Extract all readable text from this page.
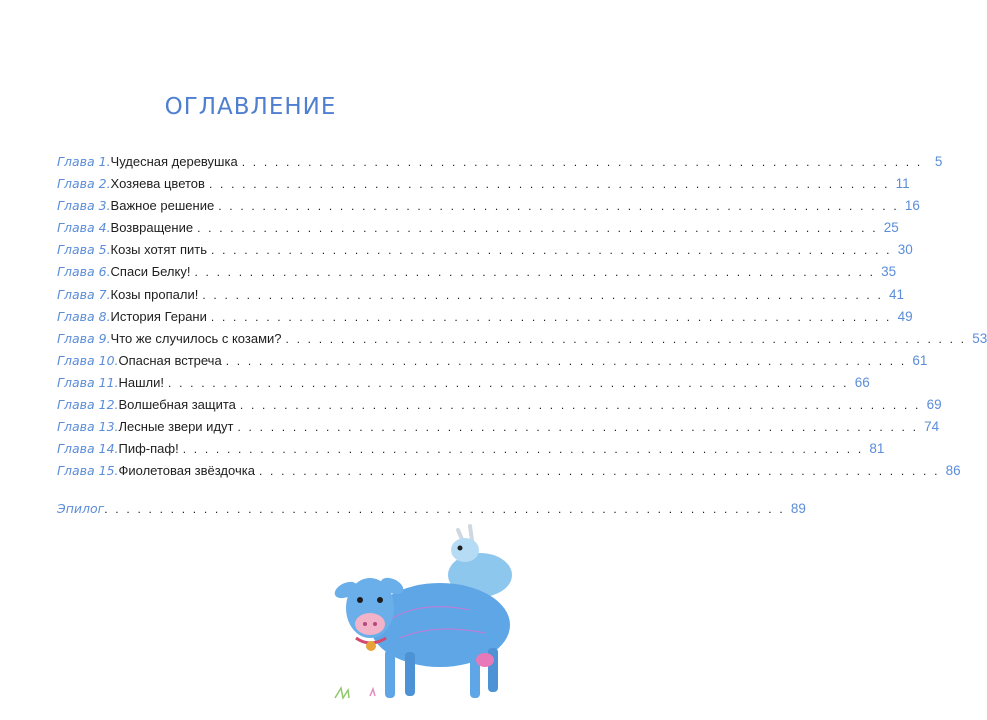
ОГЛАВЛЕНИЕ
Глава 1. Чудесная деревушка . . . . . . . . . . . . . . . . . . . . . . . . . . . . . . . . . . . . . . . . . . . . . . . . . . . . . . . . . . . . . . 5
Глава 2. Хозяева цветов . . . . . . . . . . . . . . . . . . . . . . . . . . . . . . . . . . . . . . . . . . . . . . . . . . . . . . . . . . . . . . 11
Глава 3. Важное решение . . . . . . . . . . . . . . . . . . . . . . . . . . . . . . . . . . . . . . . . . . . . . . . . . . . . . . . . . . . . . . 16
Глава 4. Возвращение . . . . . . . . . . . . . . . . . . . . . . . . . . . . . . . . . . . . . . . . . . . . . . . . . . . . . . . . . . . . . . 25
Глава 5. Козы хотят пить . . . . . . . . . . . . . . . . . . . . . . . . . . . . . . . . . . . . . . . . . . . . . . . . . . . . . . . . . . . . . . 30
Глава 6. Спаси Белку! . . . . . . . . . . . . . . . . . . . . . . . . . . . . . . . . . . . . . . . . . . . . . . . . . . . . . . . . . . . . . . 35
Глава 7. Козы пропали! . . . . . . . . . . . . . . . . . . . . . . . . . . . . . . . . . . . . . . . . . . . . . . . . . . . . . . . . . . . . . . 41
Глава 8. История Герани . . . . . . . . . . . . . . . . . . . . . . . . . . . . . . . . . . . . . . . . . . . . . . . . . . . . . . . . . . . . . . 49
Глава 9. Что же случилось с козами? . . . . . . . . . . . . . . . . . . . . . . . . . . . . . . . . . . . . . . . . . . . . . . . . . . . . . . . . . . . . . . 53
Глава 10. Опасная встреча . . . . . . . . . . . . . . . . . . . . . . . . . . . . . . . . . . . . . . . . . . . . . . . . . . . . . . . . . . . . . . 61
Глава 11. Нашли! . . . . . . . . . . . . . . . . . . . . . . . . . . . . . . . . . . . . . . . . . . . . . . . . . . . . . . . . . . . . . . 66
Глава 12. Волшебная защита . . . . . . . . . . . . . . . . . . . . . . . . . . . . . . . . . . . . . . . . . . . . . . . . . . . . . . . . . . . . . . 69
Глава 13. Лесные звери идут . . . . . . . . . . . . . . . . . . . . . . . . . . . . . . . . . . . . . . . . . . . . . . . . . . . . . . . . . . . . . . 74
Глава 14. Пиф-паф! . . . . . . . . . . . . . . . . . . . . . . . . . . . . . . . . . . . . . . . . . . . . . . . . . . . . . . . . . . . . . . 81
Глава 15. Фиолетовая звёздочка . . . . . . . . . . . . . . . . . . . . . . . . . . . . . . . . . . . . . . . . . . . . . . . . . . . . . . . . . . . . . . 86
Эпилог . . . . . . . . . . . . . . . . . . . . . . . . . . . . . . . . . . . . . . . . . . . . . . . . . . . . . . . . . . . . . . 89
